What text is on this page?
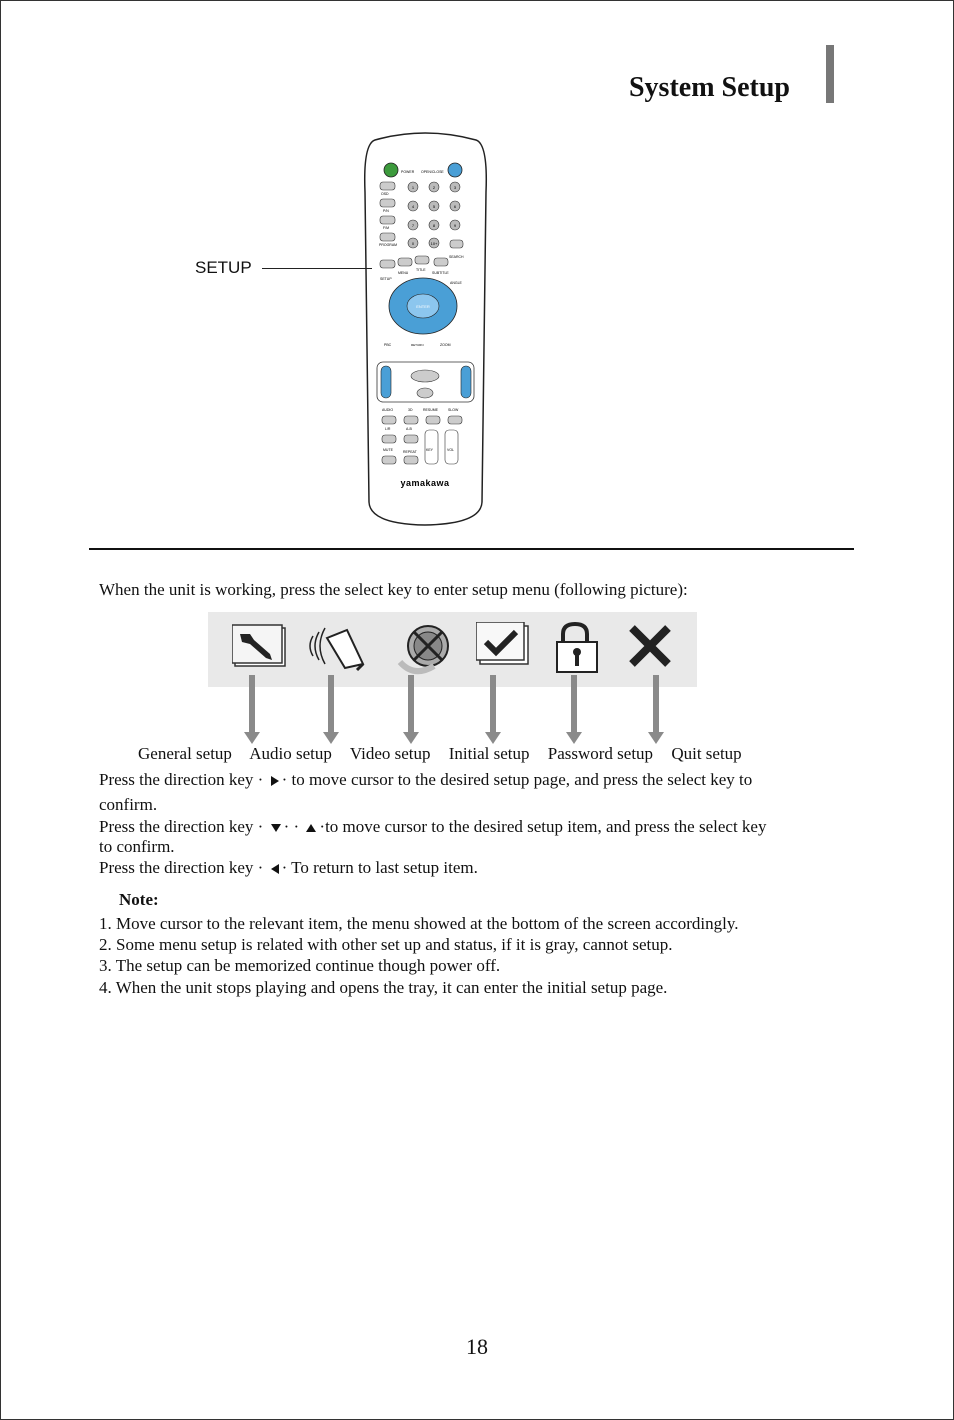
System Setup
POWER OPEN/CLOSE
OSD
P/N
F/M
PROGRAM
1	2	3
4	5	6
7	8	9
0	10+
SEARCH
MENU
TITLE
SUBTITLE
SETUP
ANGLE
ENTER
PBC	RETURN	ZOOM
AUDIO	3D	RESUME	SLOW
L/R	A-B
KEY	VOL
MUTE	REPEAT
yamakawa
SETUP
When the unit is working, press the select key to enter setup menu (following picture):
General setup Audio setup Video setup Initial setup Password setup Quit setup
Press the direction key · · to move cursor to the desired setup page, and press the select key to
confirm.
Press the direction key · · · ·to move cursor to the desired setup item, and press the select key
to confirm.
Press the direction key · · To return to last setup item.
Note:
1. Move cursor to the relevant item, the menu showed at the bottom of the screen accordingly.
2. Some menu setup is related with other set up and status, if it is gray, cannot setup.
3. The setup can be memorized continue though power off.
4. When the unit stops playing and opens the tray, it can enter the initial setup page.
18
